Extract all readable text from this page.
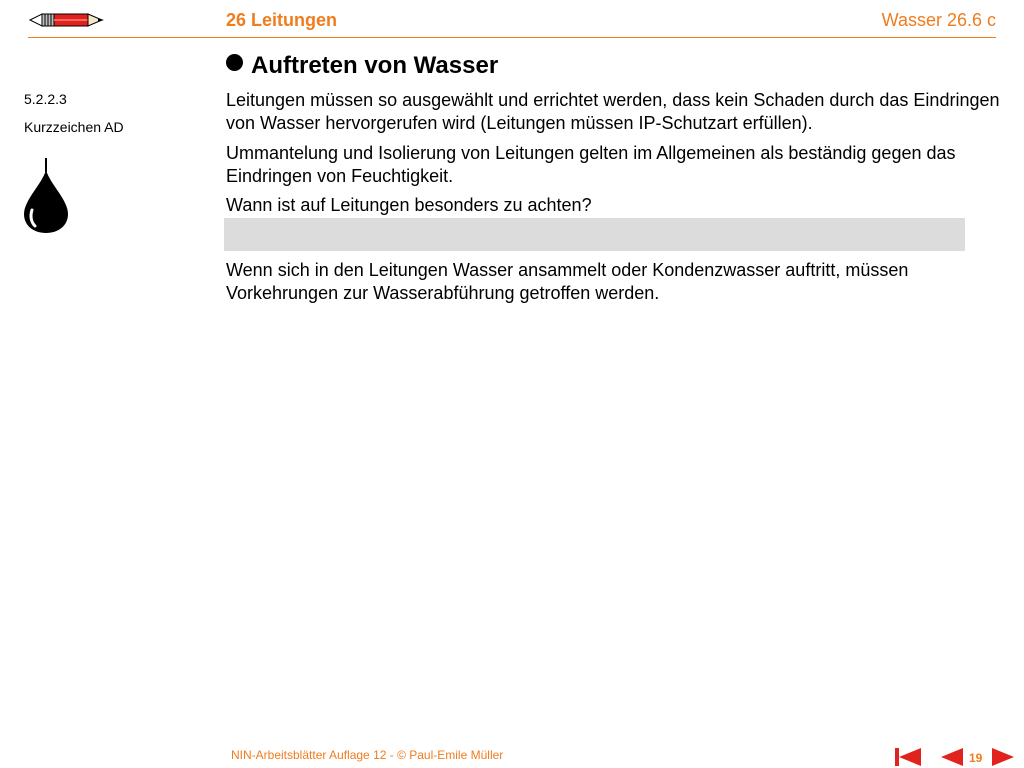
26 Leitungen	Wasser 26.6 c
5.2.2.3
Kurzzeichen AD
Auftreten von Wasser
Leitungen müssen so ausgewählt und errichtet werden, dass kein Schaden durch das Eindringen von Wasser hervorgerufen wird (Leitungen müssen IP-Schutzart erfüllen).
Ummantelung und Isolierung von Leitungen gelten im Allgemeinen als beständig gegen das Eindringen von Feuchtigkeit.
Wann ist auf Leitungen besonders zu achten?
Wenn sich in den Leitungen Wasser ansammelt oder Kondenzwasser auftritt, müssen Vorkehrungen zur Wasserabführung getroffen werden.
NIN-Arbeitsblätter Auflage 12 - © Paul-Emile Müller	19
